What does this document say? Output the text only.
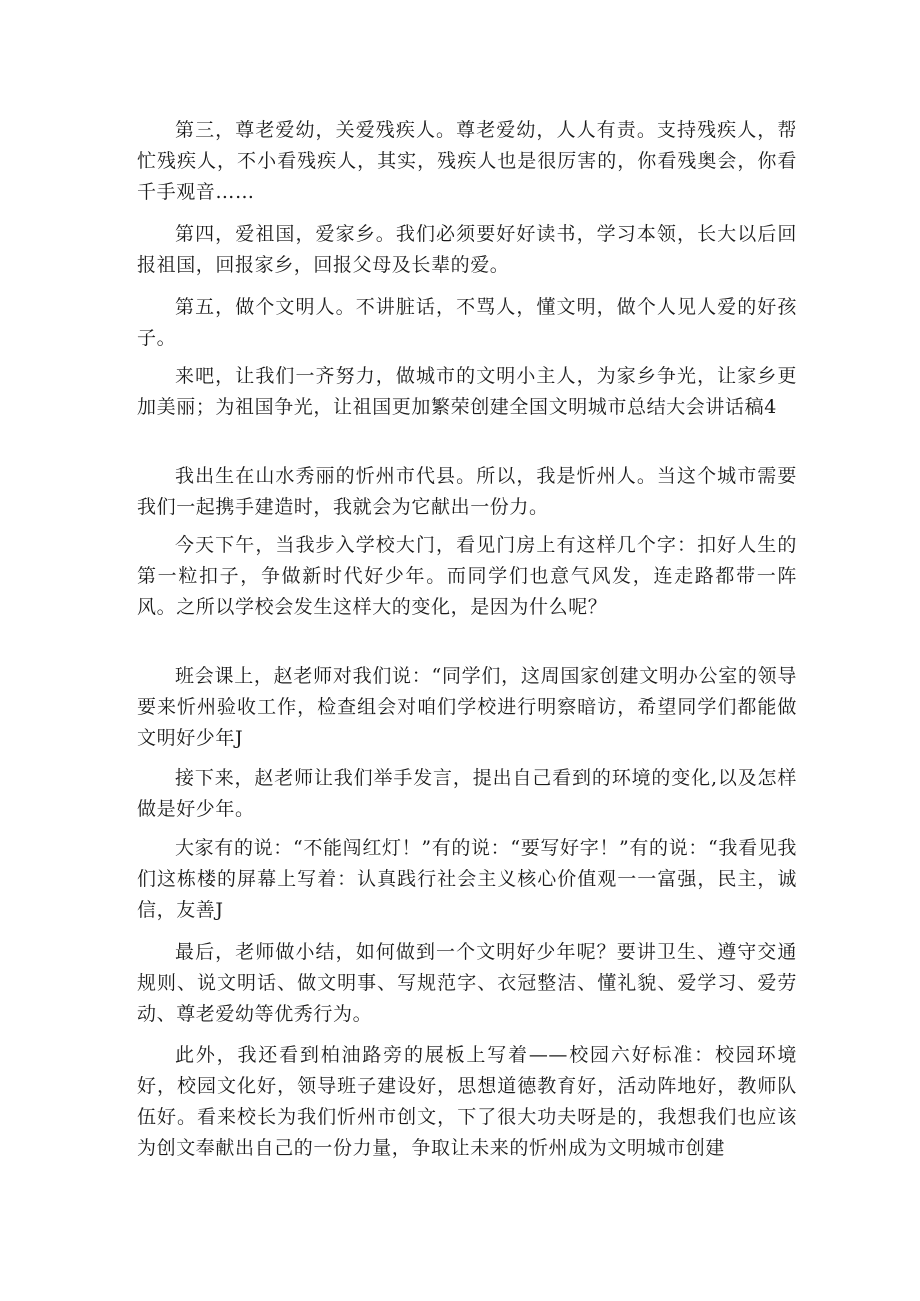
第三，尊老爱幼，关爱残疾人。尊老爱幼，人人有责。支持残疾人，帮忙残疾人，不小看残疾人，其实，残疾人也是很厉害的，你看残奥会，你看千手观音……

第四，爱祖国，爱家乡。我们必须要好好读书，学习本领，长大以后回报祖国，回报家乡，回报父母及长辈的爱。

第五，做个文明人。不讲脏话，不骂人，懂文明，做个人见人爱的好孩子。

来吧，让我们一齐努力，做城市的文明小主人，为家乡争光，让家乡更加美丽；为祖国争光，让祖国更加繁荣创建全国文明城市总结大会讲话稿4

我出生在山水秀丽的忻州市代县。所以，我是忻州人。当这个城市需要我们一起携手建造时，我就会为它献出一份力。

今天下午，当我步入学校大门，看见门房上有这样几个字：扣好人生的第一粒扣子，争做新时代好少年。而同学们也意气风发，连走路都带一阵风。之所以学校会发生这样大的变化，是因为什么呢？

班会课上，赵老师对我们说：“同学们，这周国家创建文明办公室的领导要来忻州验收工作，检查组会对咱们学校进行明察暗访，希望同学们都能做文明好少年J

接下来，赵老师让我们举手发言，提出自己看到的环境的变化,以及怎样做是好少年。

大家有的说：“不能闯红灯！”有的说：“要写好字！”有的说：“我看见我们这栋楼的屏幕上写着：认真践行社会主义核心价值观一一富强，民主，诚信，友善J

最后，老师做小结，如何做到一个文明好少年呢？要讲卫生、遵守交通规则、说文明话、做文明事、写规范字、衣冠整洁、懂礼貌、爱学习、爱劳动、尊老爱幼等优秀行为。

此外，我还看到柏油路旁的展板上写着——校园六好标准：校园环境好，校园文化好，领导班子建设好，思想道德教育好，活动阵地好，教师队伍好。看来校长为我们忻州市创文，下了很大功夫呀是的，我想我们也应该为创文奉献出自己的一份力量，争取让未来的忻州成为文明城市创建
